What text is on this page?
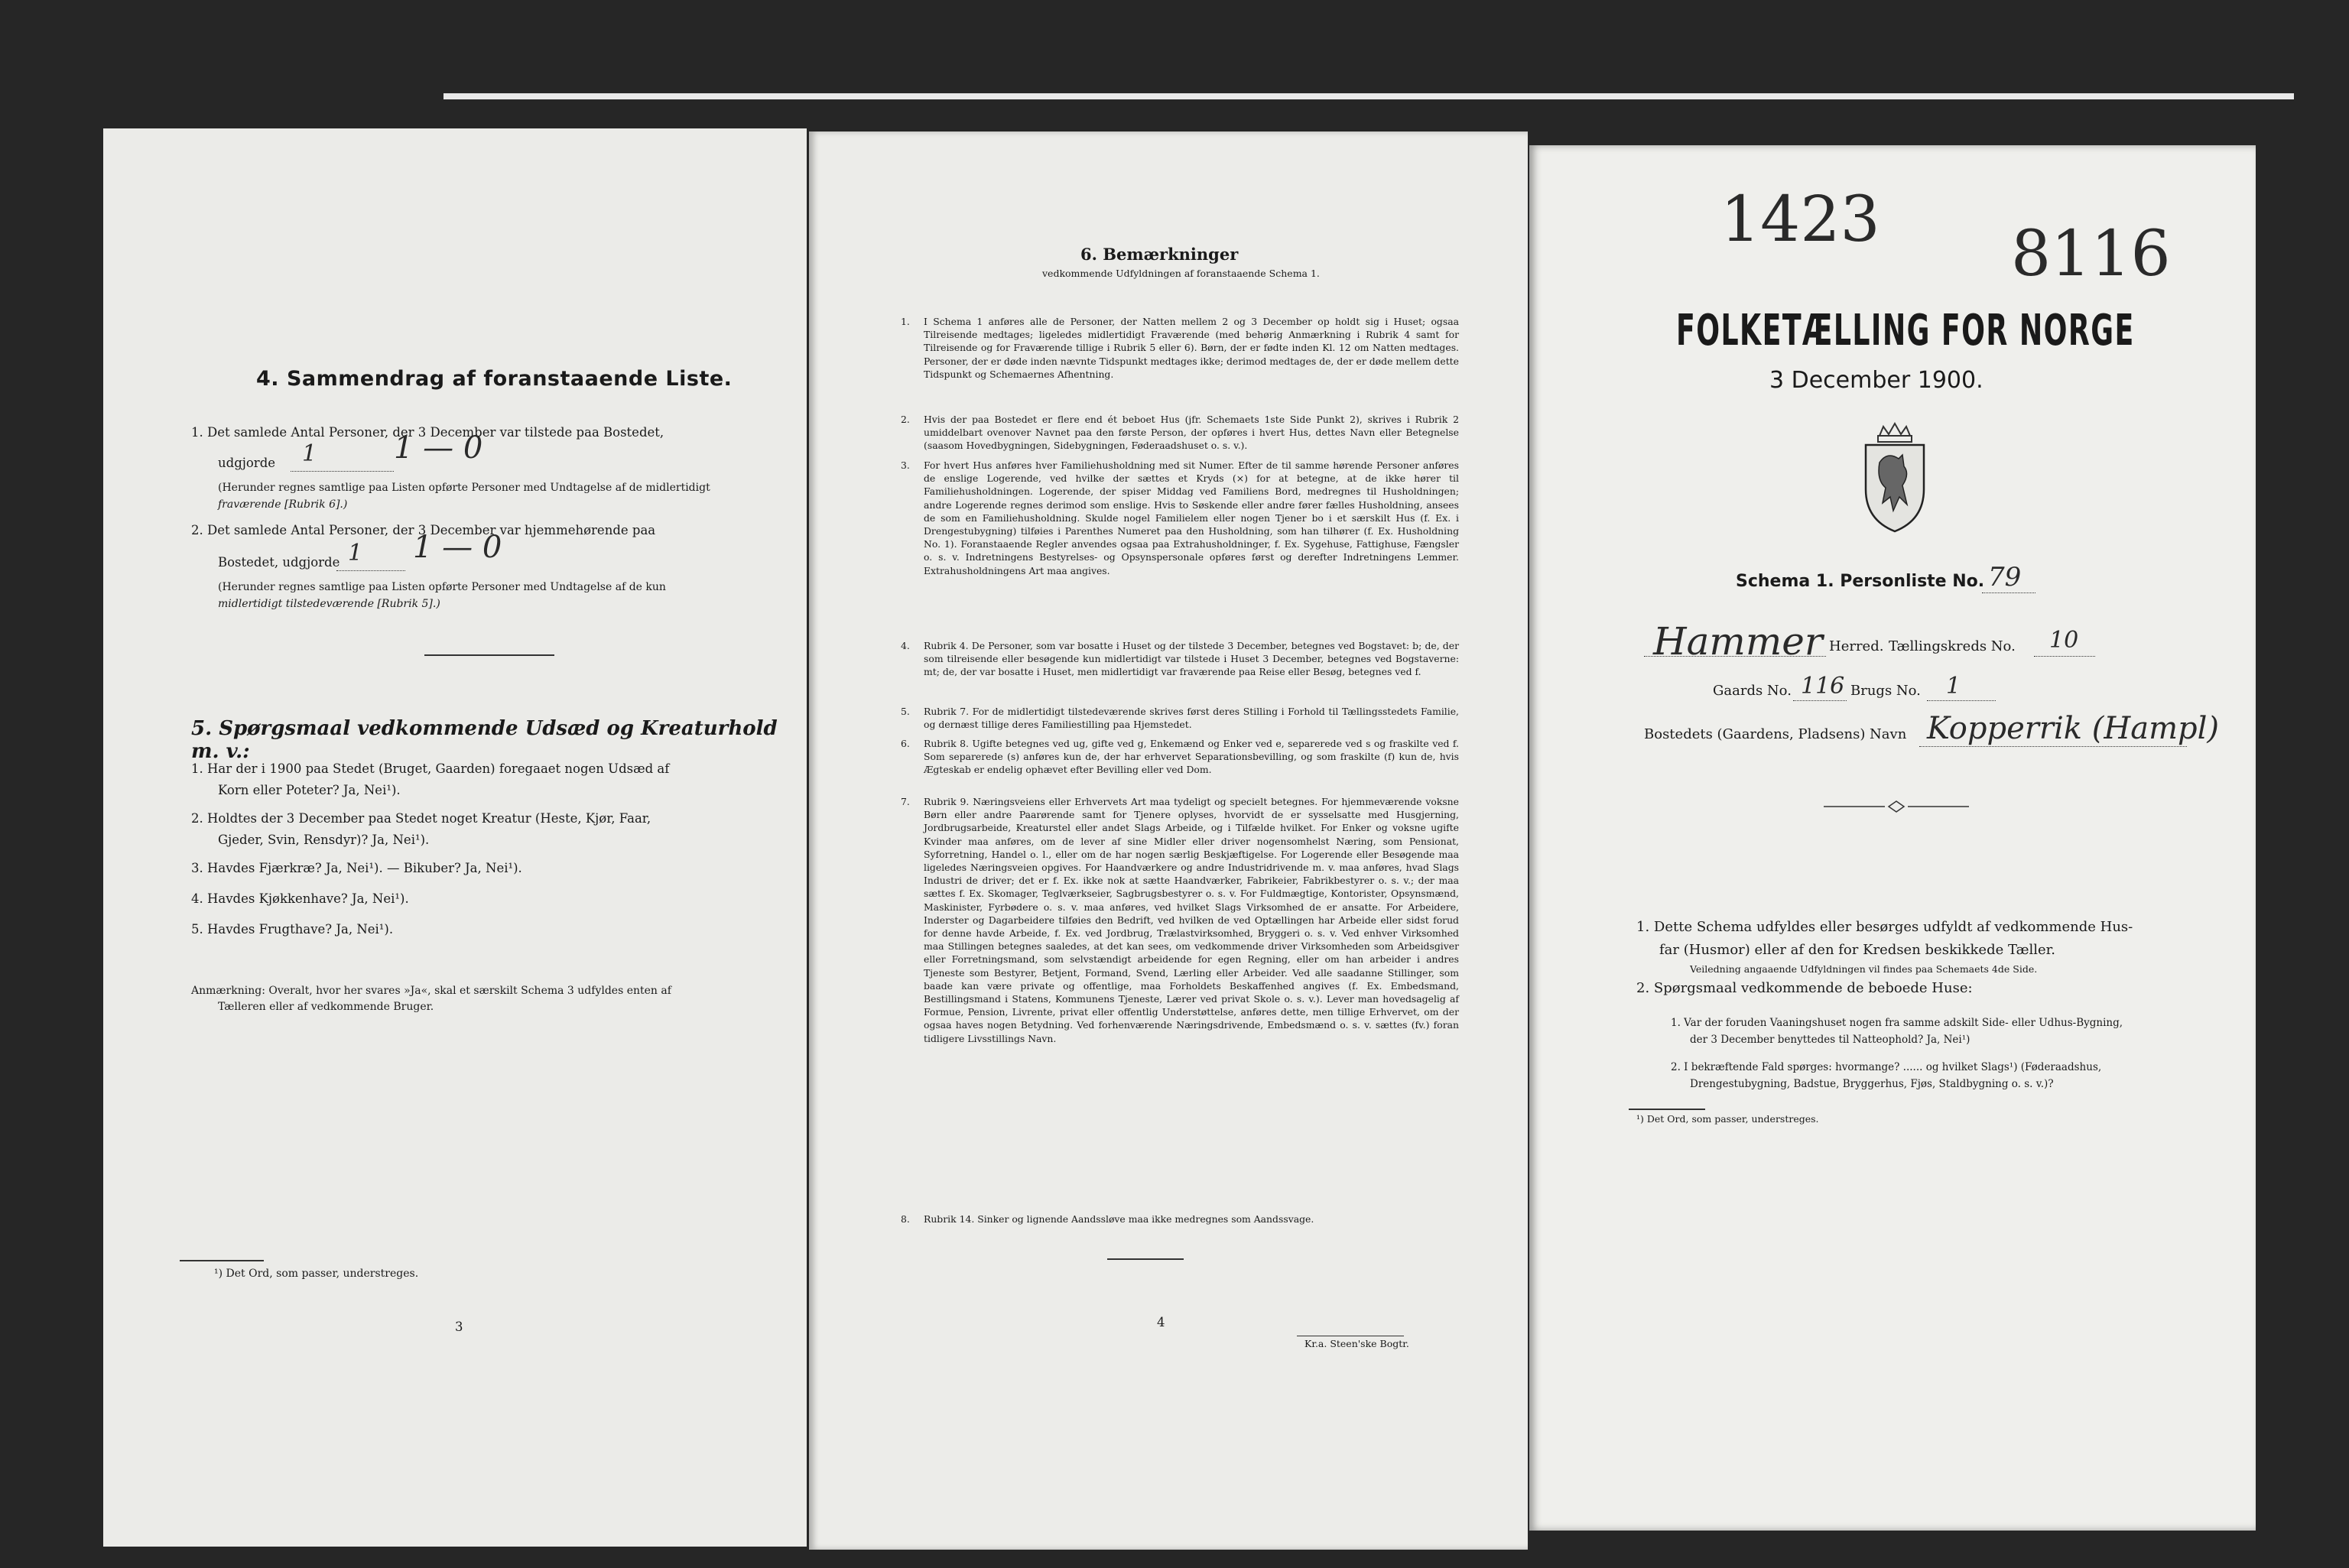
4. Sammendrag af foranstaaende Liste.
1. Det samlede Antal Personer, der 3 December var tilstede paa Bostedet,
udgjorde 1	1 — 0
(Herunder regnes samtlige paa Listen opførte Personer med Undtagelse af de midlertidigt
fraværende [Rubrik 6].)
2. Det samlede Antal Personer, der 3 December var hjemmehørende paa
Bostedet, udgjorde 1 1 — 0
(Herunder regnes samtlige paa Listen opførte Personer med Undtagelse af de kun
midlertidigt tilstedeværende [Rubrik 5].)
5. Spørgsmaal vedkommende Udsæd og Kreaturhold m. v.:
1. Har der i 1900 paa Stedet (Bruget, Gaarden) foregaaet nogen Udsæd af
Korn eller Poteter? Ja, Nei¹).
2. Holdtes der 3 December paa Stedet noget Kreatur (Heste, Kjør, Faar,
Gjeder, Svin, Rensdyr)? Ja, Nei¹).
3. Havdes Fjærkræ? Ja, Nei¹). — Bikuber? Ja, Nei¹).
4. Havdes Kjøkkenhave? Ja, Nei¹).
5. Havdes Frugthave? Ja, Nei¹).
Anmærkning: Overalt, hvor her svares »Ja«, skal et særskilt Schema 3 udfyldes enten af
Tælleren eller af vedkommende Bruger.
¹) Det Ord, som passer, understreges.
3
6. Bemærkninger
vedkommende Udfyldningen af foranstaaende Schema 1.
1.	I Schema 1 anføres alle de Personer, der Natten mellem 2 og 3 December op holdt sig i Huset; ogsaa Tilreisende medtages; ligeledes midlertidigt Fraværende (med behørig Anmærkning i Rubrik 4 samt for Tilreisende og for Fraværende tillige i Rubrik 5 eller 6). Børn, der er fødte inden Kl. 12 om Natten medtages. Personer, der er døde inden nævnte Tidspunkt medtages ikke; derimod medtages de, der er døde mellem dette Tidspunkt og Schemaernes Afhentning.
2.	Hvis der paa Bostedet er flere end ét beboet Hus (jfr. Schemaets 1ste Side Punkt 2), skrives i Rubrik 2 umiddelbart ovenover Navnet paa den første Person, der opføres i hvert Hus, dettes Navn eller Betegnelse (saasom Hovedbygningen, Sidebygningen, Føderaadshuset o. s. v.).
3.	For hvert Hus anføres hver Familiehusholdning med sit Numer. Efter de til samme hørende Personer anføres de enslige Logerende, ved hvilke der sættes et Kryds (×) for at betegne, at de ikke hører til Familiehusholdningen. Logerende, der spiser Middag ved Familiens Bord, medregnes til Husholdningen; andre Logerende regnes derimod som enslige. Hvis to Søskende eller andre fører fælles Husholdning, ansees de som en Familiehusholdning. Skulde nogel Familielem eller nogen Tjener bo i et særskilt Hus (f. Ex. i Drengestubygning) tilføies i Parenthes Numeret paa den Husholdning, som han tilhører (f. Ex. Husholdning No. 1). Foranstaaende Regler anvendes ogsaa paa Extrahusholdninger, f. Ex. Sygehuse, Fattighuse, Fængsler o. s. v. Indretningens Bestyrelses- og Opsynspersonale opføres først og derefter Indretningens Lemmer. Extrahusholdningens Art maa angives.
4.	Rubrik 4. De Personer, som var bosatte i Huset og der tilstede 3 December, betegnes ved Bogstavet: b; de, der som tilreisende eller besøgende kun midlertidigt var tilstede i Huset 3 December, betegnes ved Bogstaverne: mt; de, der var bosatte i Huset, men midlertidigt var fraværende paa Reise eller Besøg, betegnes ved f.
5.	Rubrik 7. For de midlertidigt tilstedeværende skrives først deres Stilling i Forhold til Tællingsstedets Familie, og dernæst tillige deres Familiestilling paa Hjemstedet.
6.	Rubrik 8. Ugifte betegnes ved ug, gifte ved g, Enkemænd og Enker ved e, separerede ved s og fraskilte ved f. Som separerede (s) anføres kun de, der har erhvervet Separationsbevilling, og som fraskilte (f) kun de, hvis Ægteskab er endelig ophævet efter Bevilling eller ved Dom.
7.	Rubrik 9. Næringsveiens eller Erhvervets Art maa tydeligt og specielt betegnes. For hjemmeværende voksne Børn eller andre Paarørende samt for Tjenere oplyses, hvorvidt de er sysselsatte med Husgjerning, Jordbrugsarbeide, Kreaturstel eller andet Slags Arbeide, og i Tilfælde hvilket. For Enker og voksne ugifte Kvinder maa anføres, om de lever af sine Midler eller driver nogensomhelst Næring, som Pensionat, Syforretning, Handel o. l., eller om de har nogen særlig Beskjæftigelse. For Logerende eller Besøgende maa ligeledes Næringsveien opgives. For Haandværkere og andre Industridrivende m. v. maa anføres, hvad Slags Industri de driver; det er f. Ex. ikke nok at sætte Haandværker, Fabrikeier, Fabrikbestyrer o. s. v.; der maa sættes f. Ex. Skomager, Teglværkseier, Sagbrugsbestyrer o. s. v. For Fuldmægtige, Kontorister, Opsynsmænd, Maskinister, Fyrbødere o. s. v. maa anføres, ved hvilket Slags Virksomhed de er ansatte. For Arbeidere, Inderster og Dagarbeidere tilføies den Bedrift, ved hvilken de ved Optællingen har Arbeide eller sidst forud for denne havde Arbeide, f. Ex. ved Jordbrug, Trælastvirksomhed, Bryggeri o. s. v. Ved enhver Virksomhed maa Stillingen betegnes saaledes, at det kan sees, om vedkommende driver Virksomheden som Arbeidsgiver eller Forretningsmand, som selvstændigt arbeidende for egen Regning, eller om han arbeider i andres Tjeneste som Bestyrer, Betjent, Formand, Svend, Lærling eller Arbeider. Ved alle saadanne Stillinger, som baade kan være private og offentlige, maa Forholdets Beskaffenhed angives (f. Ex. Embedsmand, Bestillingsmand i Statens, Kommunens Tjeneste, Lærer ved privat Skole o. s. v.). Lever man hovedsagelig af Formue, Pension, Livrente, privat eller offentlig Understøttelse, anføres dette, men tillige Erhvervet, om der ogsaa haves nogen Betydning. Ved forhenværende Næringsdrivende, Embedsmænd o. s. v. sættes (fv.) foran tidligere Livsstillings Navn.
8.	Rubrik 14. Sinker og lignende Aandssløve maa ikke medregnes som Aandssvage.
4
Kr.a. Steen'ske Bogtr.
1423 8116
FOLKETÆLLING FOR NORGE
3 December 1900.
Schema 1. Personliste No. 79
Hammer Herred. Tællingskreds No. 10
Gaards No. 116 Brugs No. 1
Bostedets (Gaardens, Pladsens) Navn Kopperrik (Hampl)
1. Dette Schema udfyldes eller besørges udfyldt af vedkommende Hus-
far (Husmor) eller af den for Kredsen beskikkede Tæller.
Veiledning angaaende Udfyldningen vil findes paa Schemaets 4de Side.
2. Spørgsmaal vedkommende de beboede Huse:
1. Var der foruden Vaaningshuset nogen fra samme adskilt Side- eller Udhus-Bygning,
der 3 December benyttedes til Natteophold? Ja, Nei¹)
2. I bekræftende Fald spørges: hvormange? ...... og hvilket Slags¹) (Føderaadshus,
Drengestubygning, Badstue, Bryggerhus, Fjøs, Staldbygning o. s. v.)?
¹) Det Ord, som passer, understreges.
